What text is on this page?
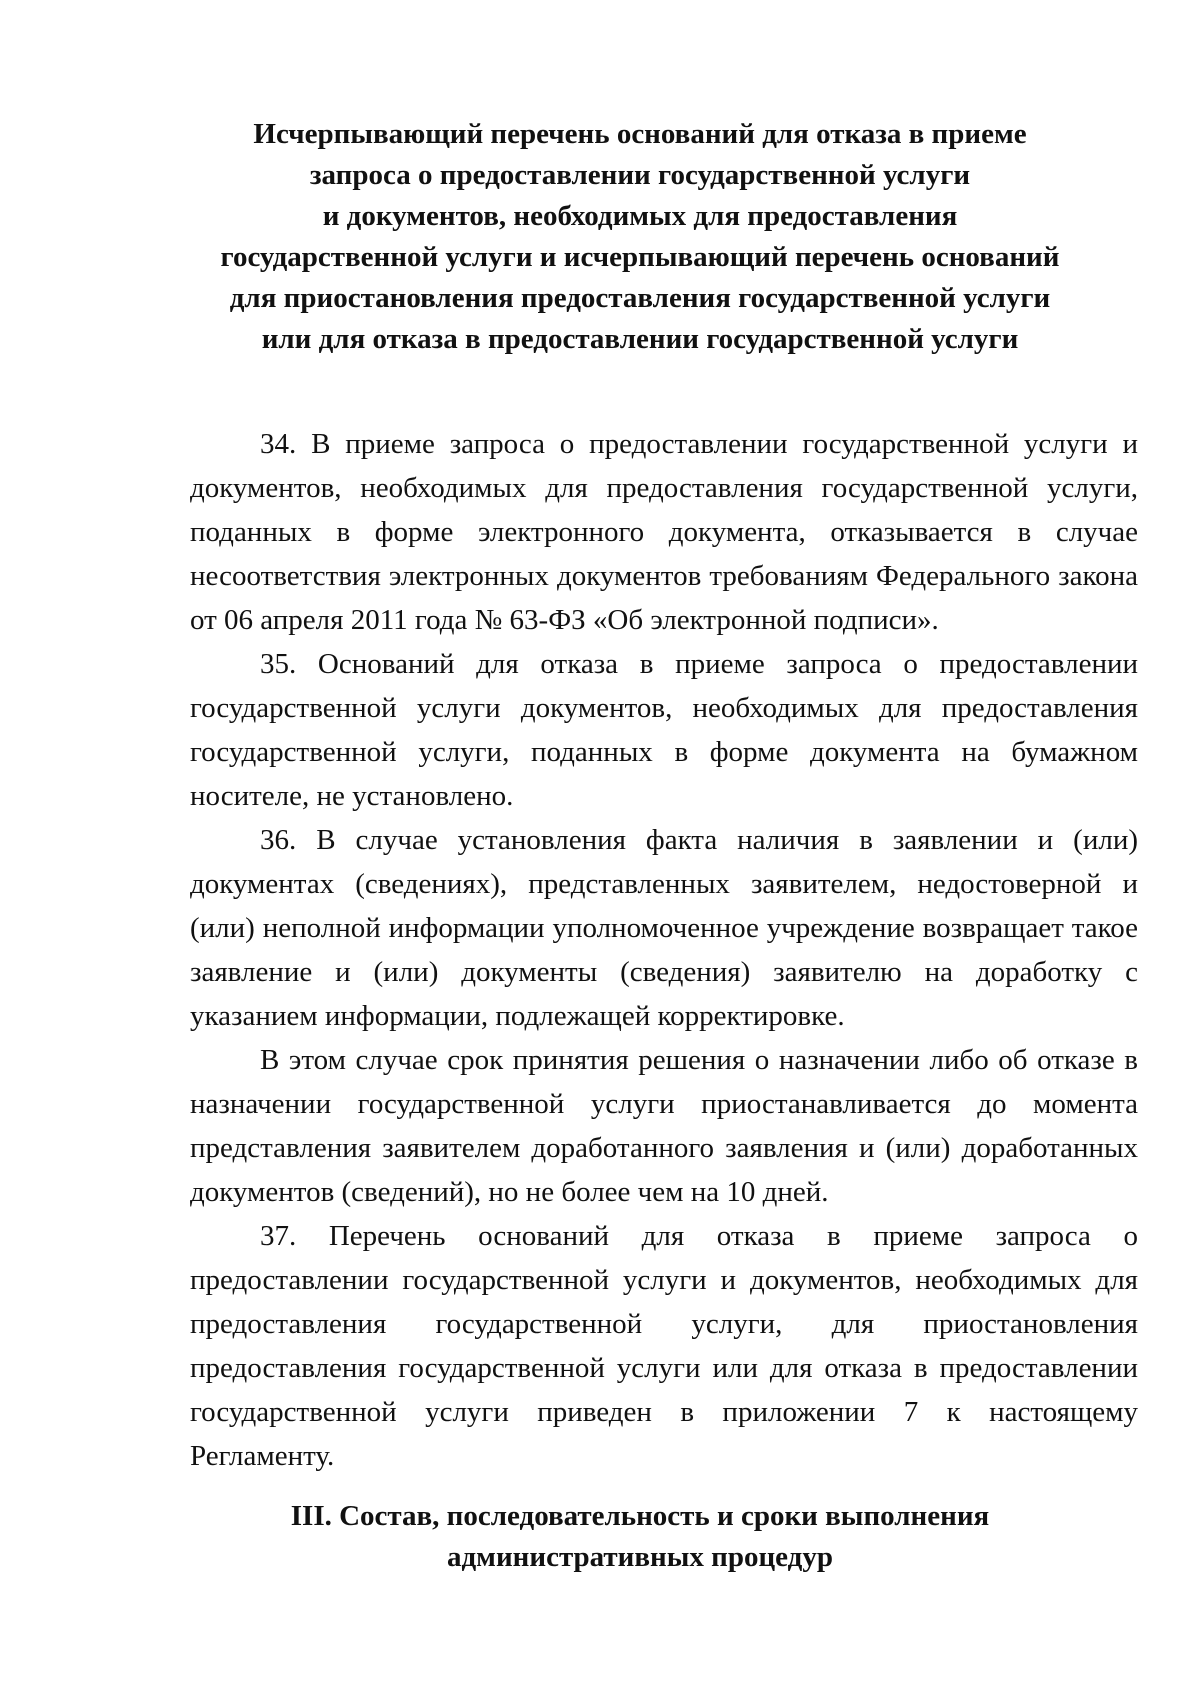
Исчерпывающий перечень оснований для отказа в приеме
запроса о предоставлении государственной услуги
и документов, необходимых для предоставления
государственной услуги и исчерпывающий перечень оснований
для приостановления предоставления государственной услуги
или для отказа в предоставлении государственной услуги

34. В приеме запроса о предоставлении государственной услуги и документов, необходимых для предоставления государственной услуги, поданных в форме электронного документа, отказывается в случае несоответствия электронных документов требованиям Федерального закона от 06 апреля 2011 года № 63-ФЗ «Об электронной подписи».

35. Оснований для отказа в приеме запроса о предоставлении государственной услуги документов, необходимых для предоставления государственной услуги, поданных в форме документа на бумажном носителе, не установлено.

36. В случае установления факта наличия в заявлении и (или) документах (сведениях), представленных заявителем, недостоверной и (или) неполной информации уполномоченное учреждение возвращает такое заявление и (или) документы (сведения) заявителю на доработку с указанием информации, подлежащей корректировке.

В этом случае срок принятия решения о назначении либо об отказе в назначении государственной услуги приостанавливается до момента представления заявителем доработанного заявления и (или) доработанных документов (сведений), но не более чем на 10 дней.

37. Перечень оснований для отказа в приеме запроса о предоставлении государственной услуги и документов, необходимых для предоставления государственной услуги, для приостановления предоставления государственной услуги или для отказа в предоставлении государственной услуги приведен в приложении 7 к настоящему Регламенту.

III. Состав, последовательность и сроки выполнения
административных процедур
